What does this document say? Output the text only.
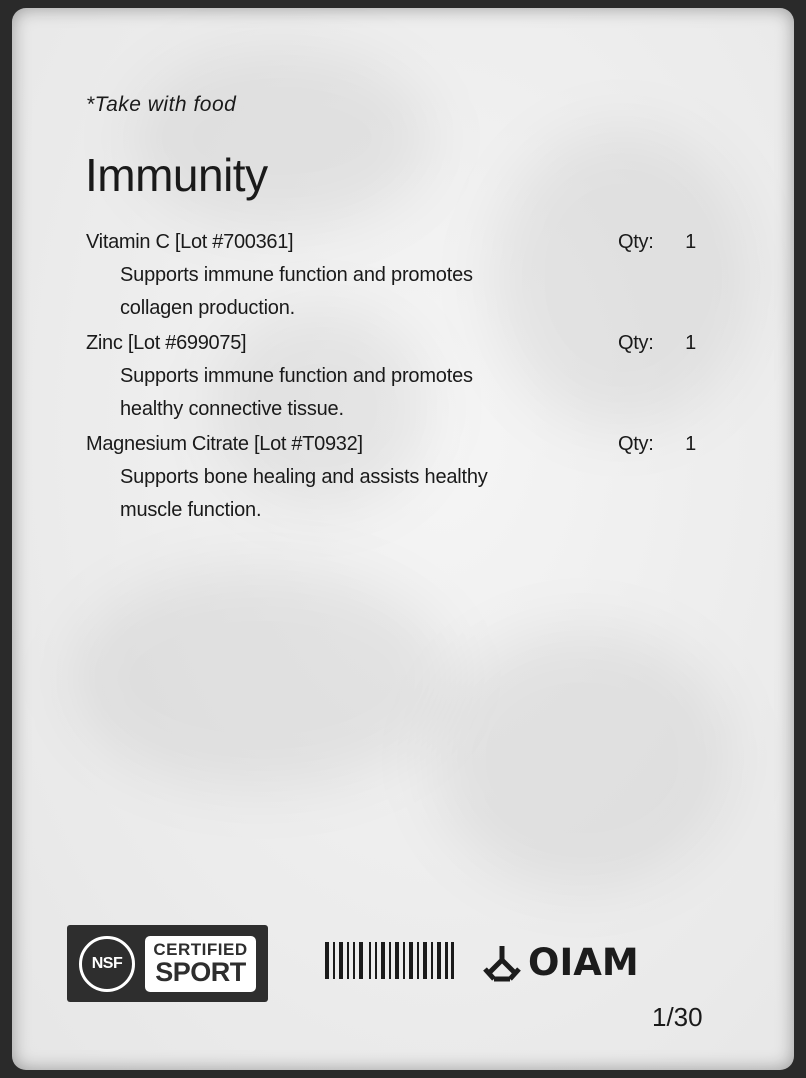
*Take with food
Immunity
Vitamin C [Lot #700361]	Qty: 1
Supports immune function and promotes collagen production.
Zinc [Lot #699075]	Qty: 1
Supports immune function and promotes healthy connective tissue.
Magnesium Citrate [Lot #T0932]	Qty: 1
Supports bone healing and assists healthy muscle function.
NSF
CERTIFIED
SPORT	OIAM
1/30
